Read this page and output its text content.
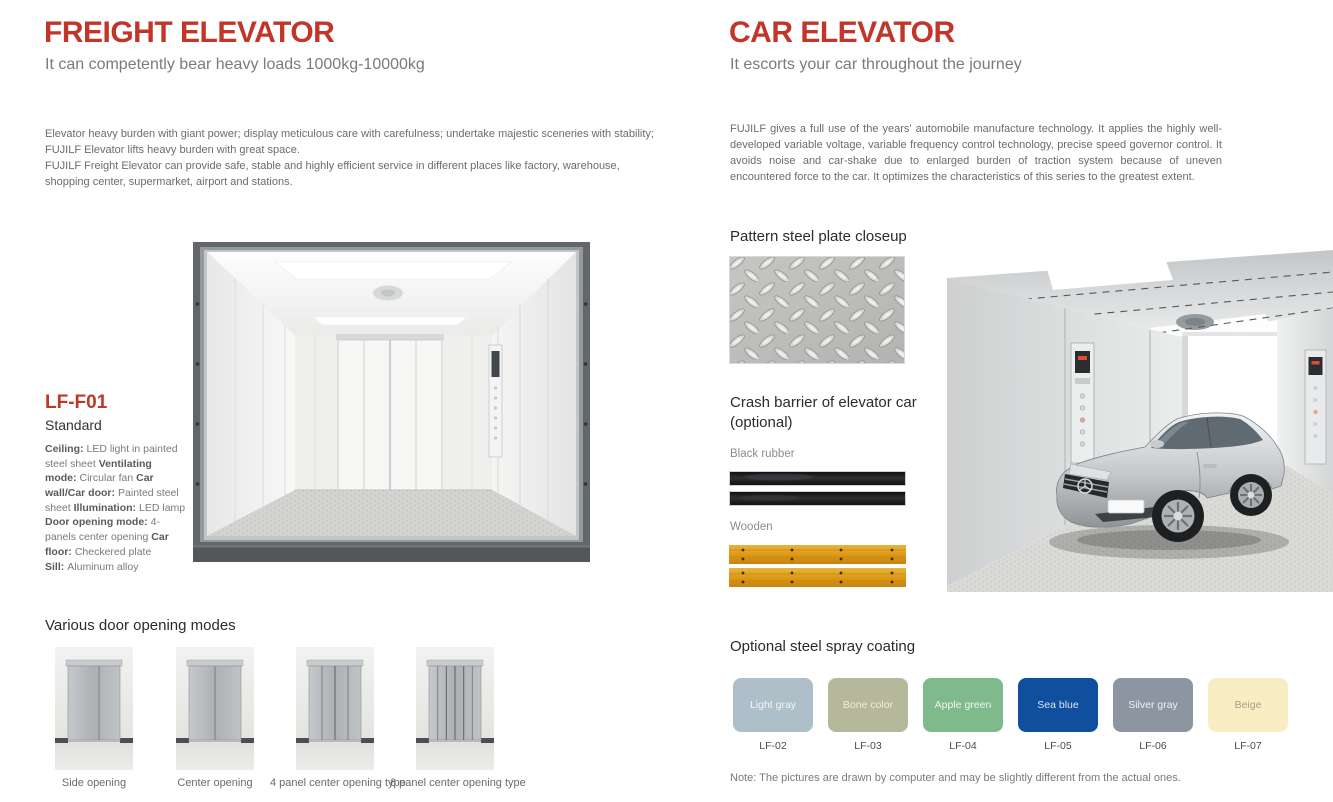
FREIGHT ELEVATOR
It can competently bear heavy loads 1000kg-10000kg
Elevator heavy burden with giant power; display meticulous care with carefulness; undertake majestic sceneries with stability;
FUJILF Elevator lifts heavy burden with great space.
FUJILF Freight Elevator can provide safe, stable and highly efficient service in different places like factory, warehouse, shopping center, supermarket, airport and stations.
LF-F01
Standard
Ceiling: LED light in painted steel sheet Ventilating mode: Circular fan Car wall/Car door: Painted steel sheet Illumination: LED lamp Door opening mode: 4-panels center opening Car floor: Checkered plate Sill: Aluminum alloy
Various door opening modes
Side opening	Center opening	4 panel center opening type
6 panel center opening type
CAR ELEVATOR
It escorts your car throughout the journey
FUJILF gives a full use of the years' automobile manufacture technology. It applies the highly well-developed variable voltage, variable frequency control technology, precise speed governor control. It avoids noise and car-shake due to enlarged burden of traction system because of uneven encountered force to the car. It optimizes the characteristics of this series to the greatest extent.
Pattern steel plate closeup
Crash barrier of elevator car (optional)
Black rubber
Wooden
Optional steel spray coating
Light gray
LF-02
Bone color
LF-03
Apple green
LF-04
Sea blue
LF-05
Silver gray
LF-06
Beige
LF-07
Note: The pictures are drawn by computer and may be slightly different from the actual ones.
